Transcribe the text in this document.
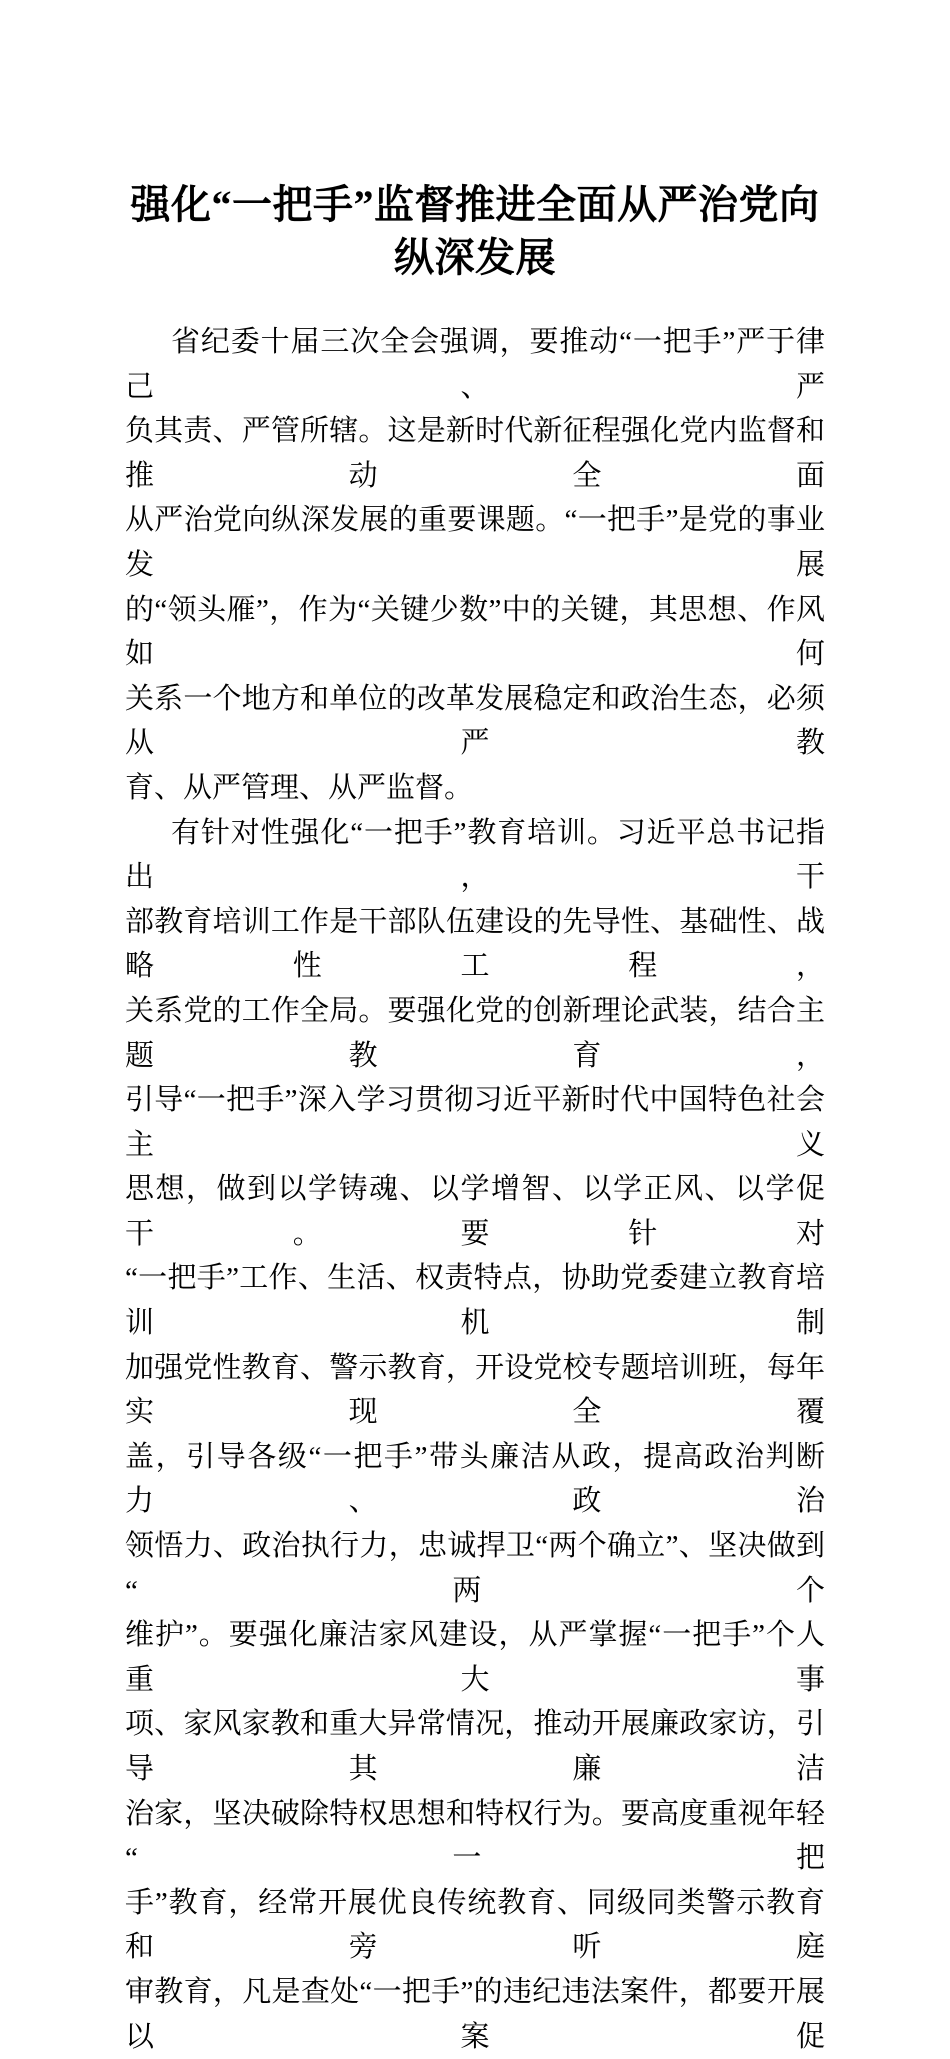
强化“一把手”监督推进全面从严治党向
纵深发展

省纪委十届三次全会强调，要推动“一把手”严于律己、严
负其责、严管所辖。这是新时代新征程强化党内监督和推动全面
从严治党向纵深发展的重要课题。“一把手”是党的事业发展
的“领头雁”，作为“关键少数”中的关键，其思想、作风如何
关系一个地方和单位的改革发展稳定和政治生态，必须从严教
育、从严管理、从严监督。

有针对性强化“一把手”教育培训。习近平总书记指出，干
部教育培训工作是干部队伍建设的先导性、基础性、战略性工程，
关系党的工作全局。要强化党的创新理论武装，结合主题教育，
引导“一把手”深入学习贯彻习近平新时代中国特色社会主义
思想，做到以学铸魂、以学增智、以学正风、以学促干。要针对
“一把手”工作、生活、权责特点，协助党委建立教育培训机制
加强党性教育、警示教育，开设党校专题培训班，每年实现全覆
盖，引导各级“一把手”带头廉洁从政，提高政治判断力、政治
领悟力、政治执行力，忠诚捍卫“两个确立”、坚决做到“两个
维护”。要强化廉洁家风建设，从严掌握“一把手”个人重大事
项、家风家教和重大异常情况，推动开展廉政家访，引导其廉洁
治家，坚决破除特权思想和特权行为。要高度重视年轻“一把
手”教育，经常开展优良传统教育、同级同类警示教育和旁听庭
审教育，凡是查处“一把手”的违纪违法案件，都要开展以案促
